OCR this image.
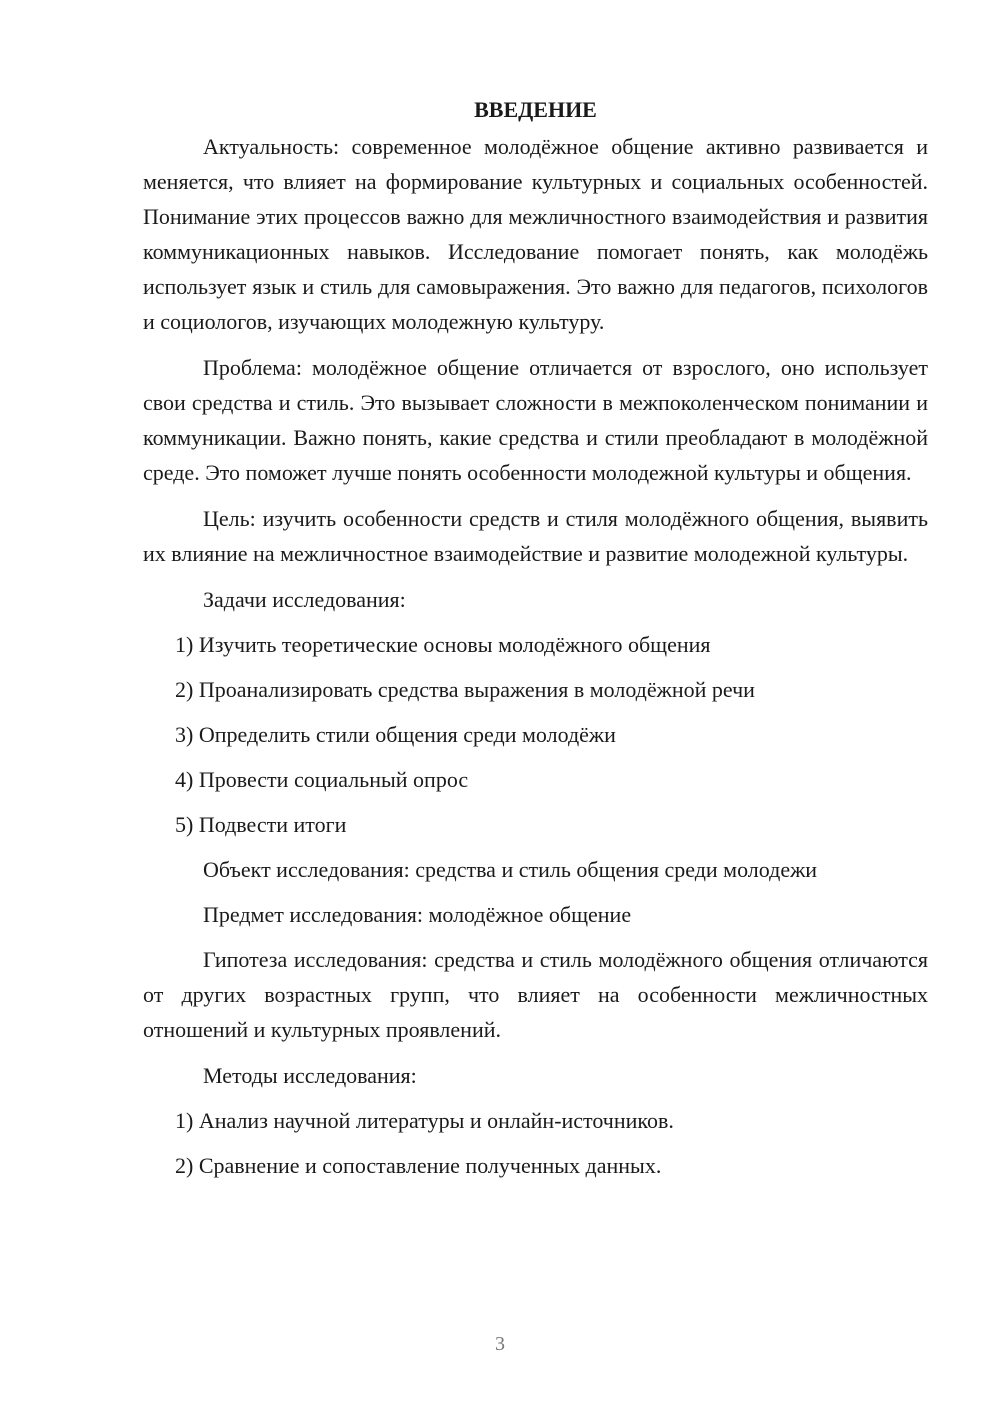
ВВЕДЕНИЕ

Актуальность: современное молодёжное общение активно развивается и меняется, что влияет на формирование культурных и социальных особенностей. Понимание этих процессов важно для межличностного взаимодействия и развития коммуникационных навыков. Исследование помогает понять, как молодёжь использует язык и стиль для самовыражения. Это важно для педагогов, психологов и социологов, изучающих молодежную культуру.

Проблема: молодёжное общение отличается от взрослого, оно использует свои средства и стиль. Это вызывает сложности в межпоколенческом понимании и коммуникации. Важно понять, какие средства и стили преобладают в молодёжной среде. Это поможет лучше понять особенности молодежной культуры и общения.

Цель: изучить особенности средств и стиля молодёжного общения, выявить их влияние на межличностное взаимодействие и развитие молодежной культуры.

Задачи исследования:
1) Изучить теоретические основы молодёжного общения
2) Проанализировать средства выражения в молодёжной речи
3) Определить стили общения среди молодёжи
4) Провести социальный опрос
5) Подвести итоги
Объект исследования: средства и стиль общения среди молодежи
Предмет исследования: молодёжное общение

Гипотеза исследования: средства и стиль молодёжного общения отличаются от других возрастных групп, что влияет на особенности межличностных отношений и культурных проявлений.

Методы исследования:
1) Анализ научной литературы и онлайн-источников.
2) Сравнение и сопоставление полученных данных.
3
